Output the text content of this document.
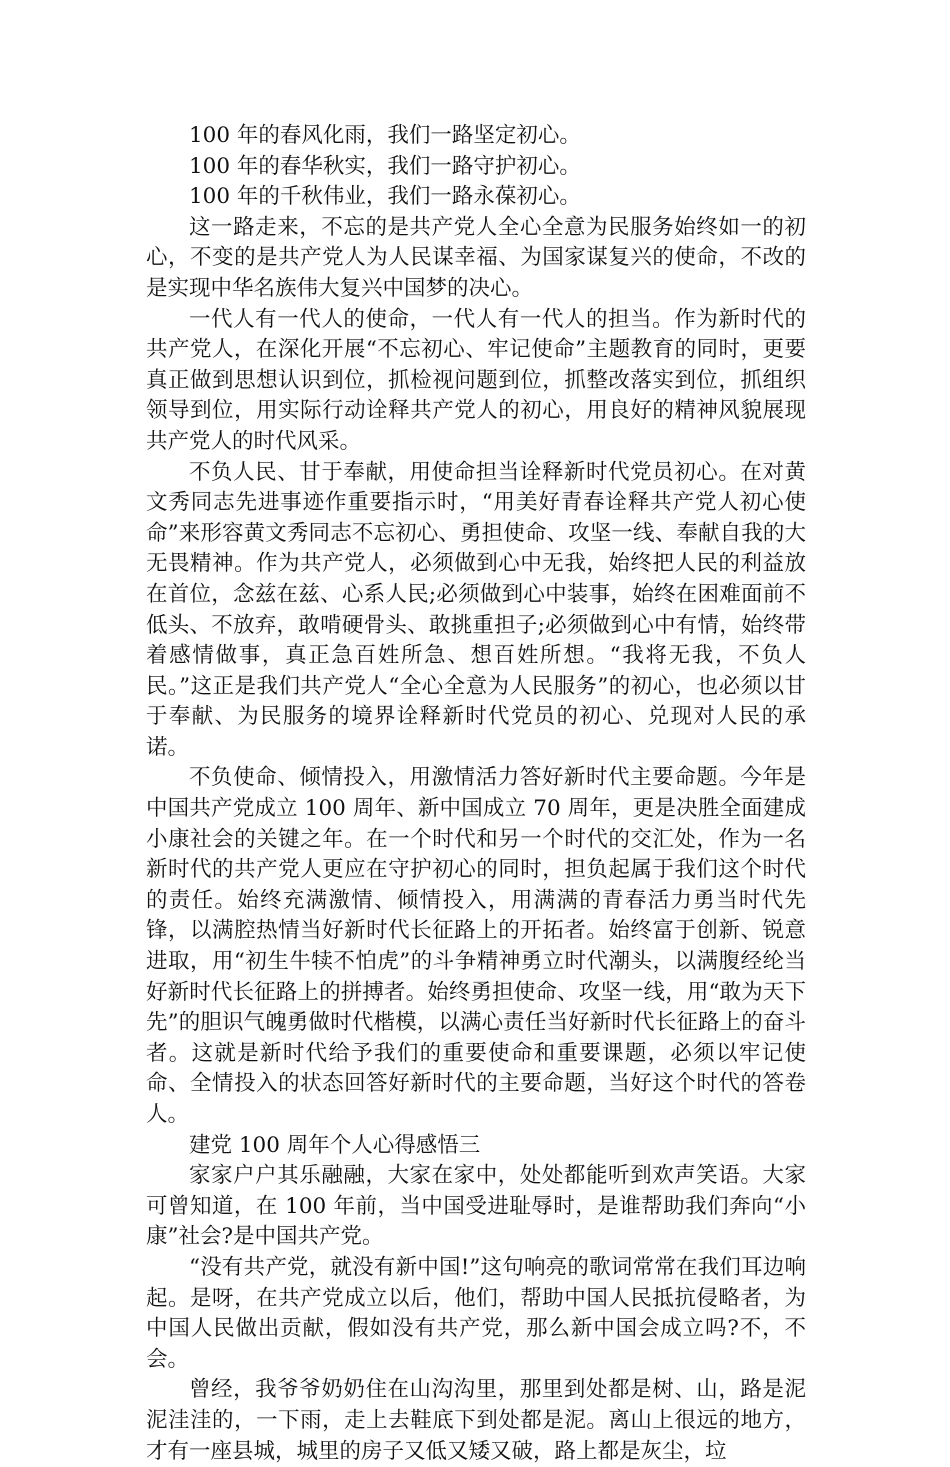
100 年的春风化雨，我们一路坚定初心。

100 年的春华秋实，我们一路守护初心。

100 年的千秋伟业，我们一路永葆初心。

这一路走来，不忘的是共产党人全心全意为民服务始终如一的初心，不变的是共产党人为人民谋幸福、为国家谋复兴的使命，不改的是实现中华名族伟大复兴中国梦的决心。

一代人有一代人的使命，一代人有一代人的担当。作为新时代的共产党人，在深化开展“不忘初心、牢记使命”主题教育的同时，更要真正做到思想认识到位，抓检视问题到位，抓整改落实到位，抓组织领导到位，用实际行动诠释共产党人的初心，用良好的精神风貌展现共产党人的时代风采。

不负人民、甘于奉献，用使命担当诠释新时代党员初心。在对黄文秀同志先进事迹作重要指示时，“用美好青春诠释共产党人初心使命”来形容黄文秀同志不忘初心、勇担使命、攻坚一线、奉献自我的大无畏精神。作为共产党人，必须做到心中无我，始终把人民的利益放在首位，念兹在兹、心系人民;必须做到心中装事，始终在困难面前不低头、不放弃，敢啃硬骨头、敢挑重担子;必须做到心中有情，始终带着感情做事，真正急百姓所急、想百姓所想。“我将无我，不负人民。”这正是我们共产党人“全心全意为人民服务”的初心，也必须以甘于奉献、为民服务的境界诠释新时代党员的初心、兑现对人民的承诺。

不负使命、倾情投入，用激情活力答好新时代主要命题。今年是中国共产党成立 100 周年、新中国成立 70 周年，更是决胜全面建成小康社会的关键之年。在一个时代和另一个时代的交汇处，作为一名新时代的共产党人更应在守护初心的同时，担负起属于我们这个时代的责任。始终充满激情、倾情投入，用满满的青春活力勇当时代先锋，以满腔热情当好新时代长征路上的开拓者。始终富于创新、锐意进取，用“初生牛犊不怕虎”的斗争精神勇立时代潮头，以满腹经纶当好新时代长征路上的拼搏者。始终勇担使命、攻坚一线，用“敢为天下先”的胆识气魄勇做时代楷模，以满心责任当好新时代长征路上的奋斗者。这就是新时代给予我们的重要使命和重要课题，必须以牢记使命、全情投入的状态回答好新时代的主要命题，当好这个时代的答卷人。

建党 100 周年个人心得感悟三

家家户户其乐融融，大家在家中，处处都能听到欢声笑语。大家可曾知道，在 100 年前，当中国受进耻辱时，是谁帮助我们奔向“小康”社会?是中国共产党。

“没有共产党，就没有新中国!”这句响亮的歌词常常在我们耳边响起。是呀，在共产党成立以后，他们，帮助中国人民抵抗侵略者，为中国人民做出贡献，假如没有共产党，那么新中国会成立吗?不，不会。

曾经，我爷爷奶奶住在山沟沟里，那里到处都是树、山，路是泥泥洼洼的，一下雨，走上去鞋底下到处都是泥。离山上很远的地方，才有一座县城，城里的房子又低又矮又破，路上都是灰尘，垃
